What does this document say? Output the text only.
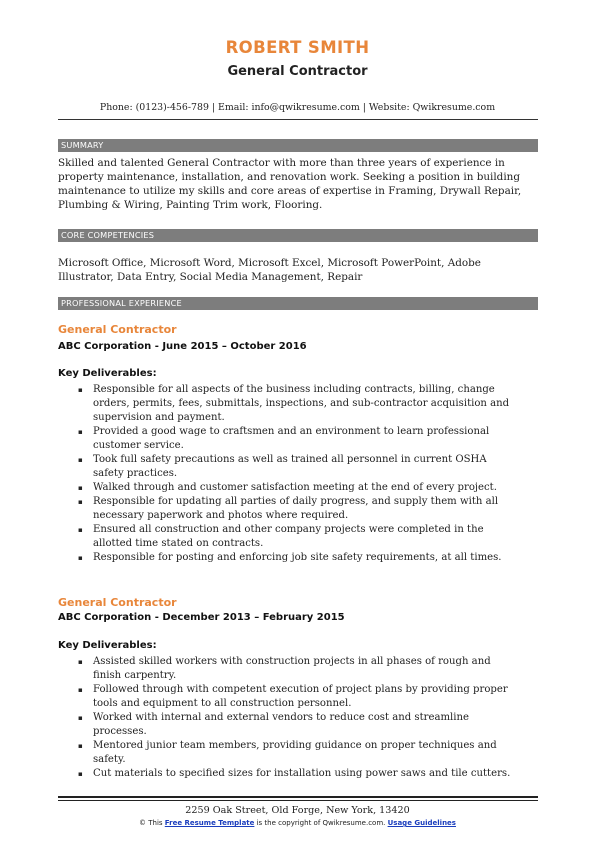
ROBERT SMITH
General Contractor
Phone: (0123)-456-789 | Email: info@qwikresume.com | Website: Qwikresume.com
SUMMARY

Skilled and talented General Contractor with more than three years of experience in
property maintenance, installation, and renovation work. Seeking a position in building
maintenance to utilize my skills and core areas of expertise in Framing, Drywall Repair,
Plumbing & Wiring, Painting Trim work, Flooring.

CORE COMPETENCIES

Microsoft Office, Microsoft Word, Microsoft Excel, Microsoft PowerPoint, Adobe
Illustrator, Data Entry, Social Media Management, Repair

PROFESSIONAL EXPERIENCE
General Contractor
ABC Corporation - June 2015 – October 2016
Key Deliverables:
▪ Responsible for all aspects of the business including contracts, billing, change
orders, permits, fees, submittals, inspections, and sub-contractor acquisition and
supervision and payment.
▪ Provided a good wage to craftsmen and an environment to learn professional
customer service.
▪ Took full safety precautions as well as trained all personnel in current OSHA
safety practices.
▪ Walked through and customer satisfaction meeting at the end of every project.
▪ Responsible for updating all parties of daily progress, and supply them with all
necessary paperwork and photos where required.
▪ Ensured all construction and other company projects were completed in the
allotted time stated on contracts.
▪ Responsible for posting and enforcing job site safety requirements, at all times.
General Contractor
ABC Corporation - December 2013 – February 2015
Key Deliverables:
▪ Assisted skilled workers with construction projects in all phases of rough and
finish carpentry.
▪ Followed through with competent execution of project plans by providing proper
tools and equipment to all construction personnel.
▪ Worked with internal and external vendors to reduce cost and streamline
processes.
▪ Mentored junior team members, providing guidance on proper techniques and
safety.
▪ Cut materials to specified sizes for installation using power saws and tile cutters.
2259 Oak Street, Old Forge, New York, 13420
© This Free Resume Template is the copyright of Qwikresume.com. Usage Guidelines
